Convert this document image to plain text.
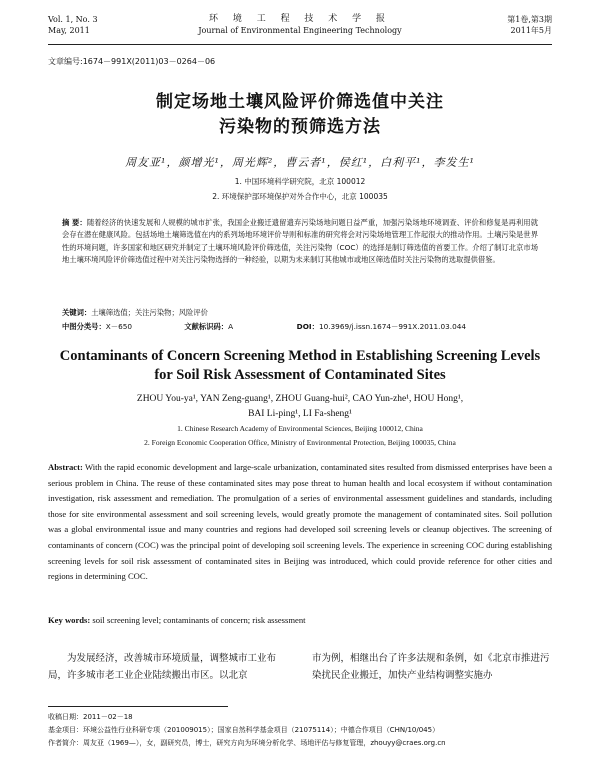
Vol. 1, No. 3
May, 2011
环 境 工 程 技 术 学 报
Journal of Environmental Engineering Technology
第1卷,第3期
2011年5月
文章编号:1674－991X(2011)03－0264－06
制定场地土壤风险评价筛选值中关注
污染物的预筛选方法
周友亚¹，颜增光¹，周光辉²，曹云者¹，侯红¹，白利平¹，李发生¹
1. 中国环境科学研究院，北京 100012
2. 环境保护部环境保护对外合作中心，北京 100035
摘 要：随着经济的快速发展和人规模的城市扩张，我国企业搬迁遗留遗弃污染场地问题日益严重，加强污染场地环境调查、评价和修复是再利用就会存在潜在健康风险。包括场地土壤筛选值在内的系列场地环境评价导则和标准的研究将会对污染场地管理工作起很大的推动作用。土壤污染是世界性的环境问题，许多国家和地区研究并制定了土壤环境风险评价筛选值，关注污染物（COC）的选择是制订筛选值的首要工作。介绍了制订北京市场地土壤环境风险评价筛选值过程中对关注污染物选择的一种经验，以期为未来制订其他城市或地区筛选值时关注污染物的选取提供借鉴。
关键词：土壤筛选值；关注污染物；风险评价
中图分类号：X－650	文献标识码：A	DOI：10.3969/j.issn.1674－991X.2011.03.044
Contaminants of Concern Screening Method in Establishing Screening Levels
for Soil Risk Assessment of Contaminated Sites
ZHOU You-ya¹, YAN Zeng-guang¹, ZHOU Guang-hui², CAO Yun-zhe¹, HOU Hong¹,
BAI Li-ping¹, LI Fa-sheng¹
1. Chinese Research Academy of Environmental Sciences, Beijing 100012, China
2. Foreign Economic Cooperation Office, Ministry of Environmental Protection, Beijing 100035, China
Abstract: With the rapid economic development and large-scale urbanization, contaminated sites resulted from dismissed enterprises have been a serious problem in China. The reuse of these contaminated sites may pose threat to human health and local ecosystem if without contamination investigation, risk assessment and remediation. The promulgation of a series of environmental assessment guidelines and standards, including those for site environmental assessment and soil screening levels, would greatly promote the management of contaminated sites. Soil pollution was a global environmental issue and many countries and regions had developed soil screening levels or cleanup objectives. The screening of contaminants of concern (COC) was the principal point of developing soil screening levels. The experience in screening COC during establishing screening levels for soil risk assessment of contaminated sites in Beijing was introduced, which could provide reference for other cities and regions in determining COC.
Key words: soil screening level; contaminants of concern; risk assessment
为发展经济，改善城市环境质量，调整城市工业布局，许多城市老工业企业陆续搬出市区。以北京
市为例，相继出台了许多法规和条例，如《北京市推进污染扰民企业搬迁，加快产业结构调整实施办
收稿日期：2011－02－18
基金项目：环境公益性行业科研专项（201009015）；国家自然科学基金项目（21075114）；中德合作项目（CHN/10/045）
作者简介：周友亚（1969—），女，副研究员，博士，研究方向为环境分析化学、场地评估与修复管理，zhouyy@craes.org.cn
